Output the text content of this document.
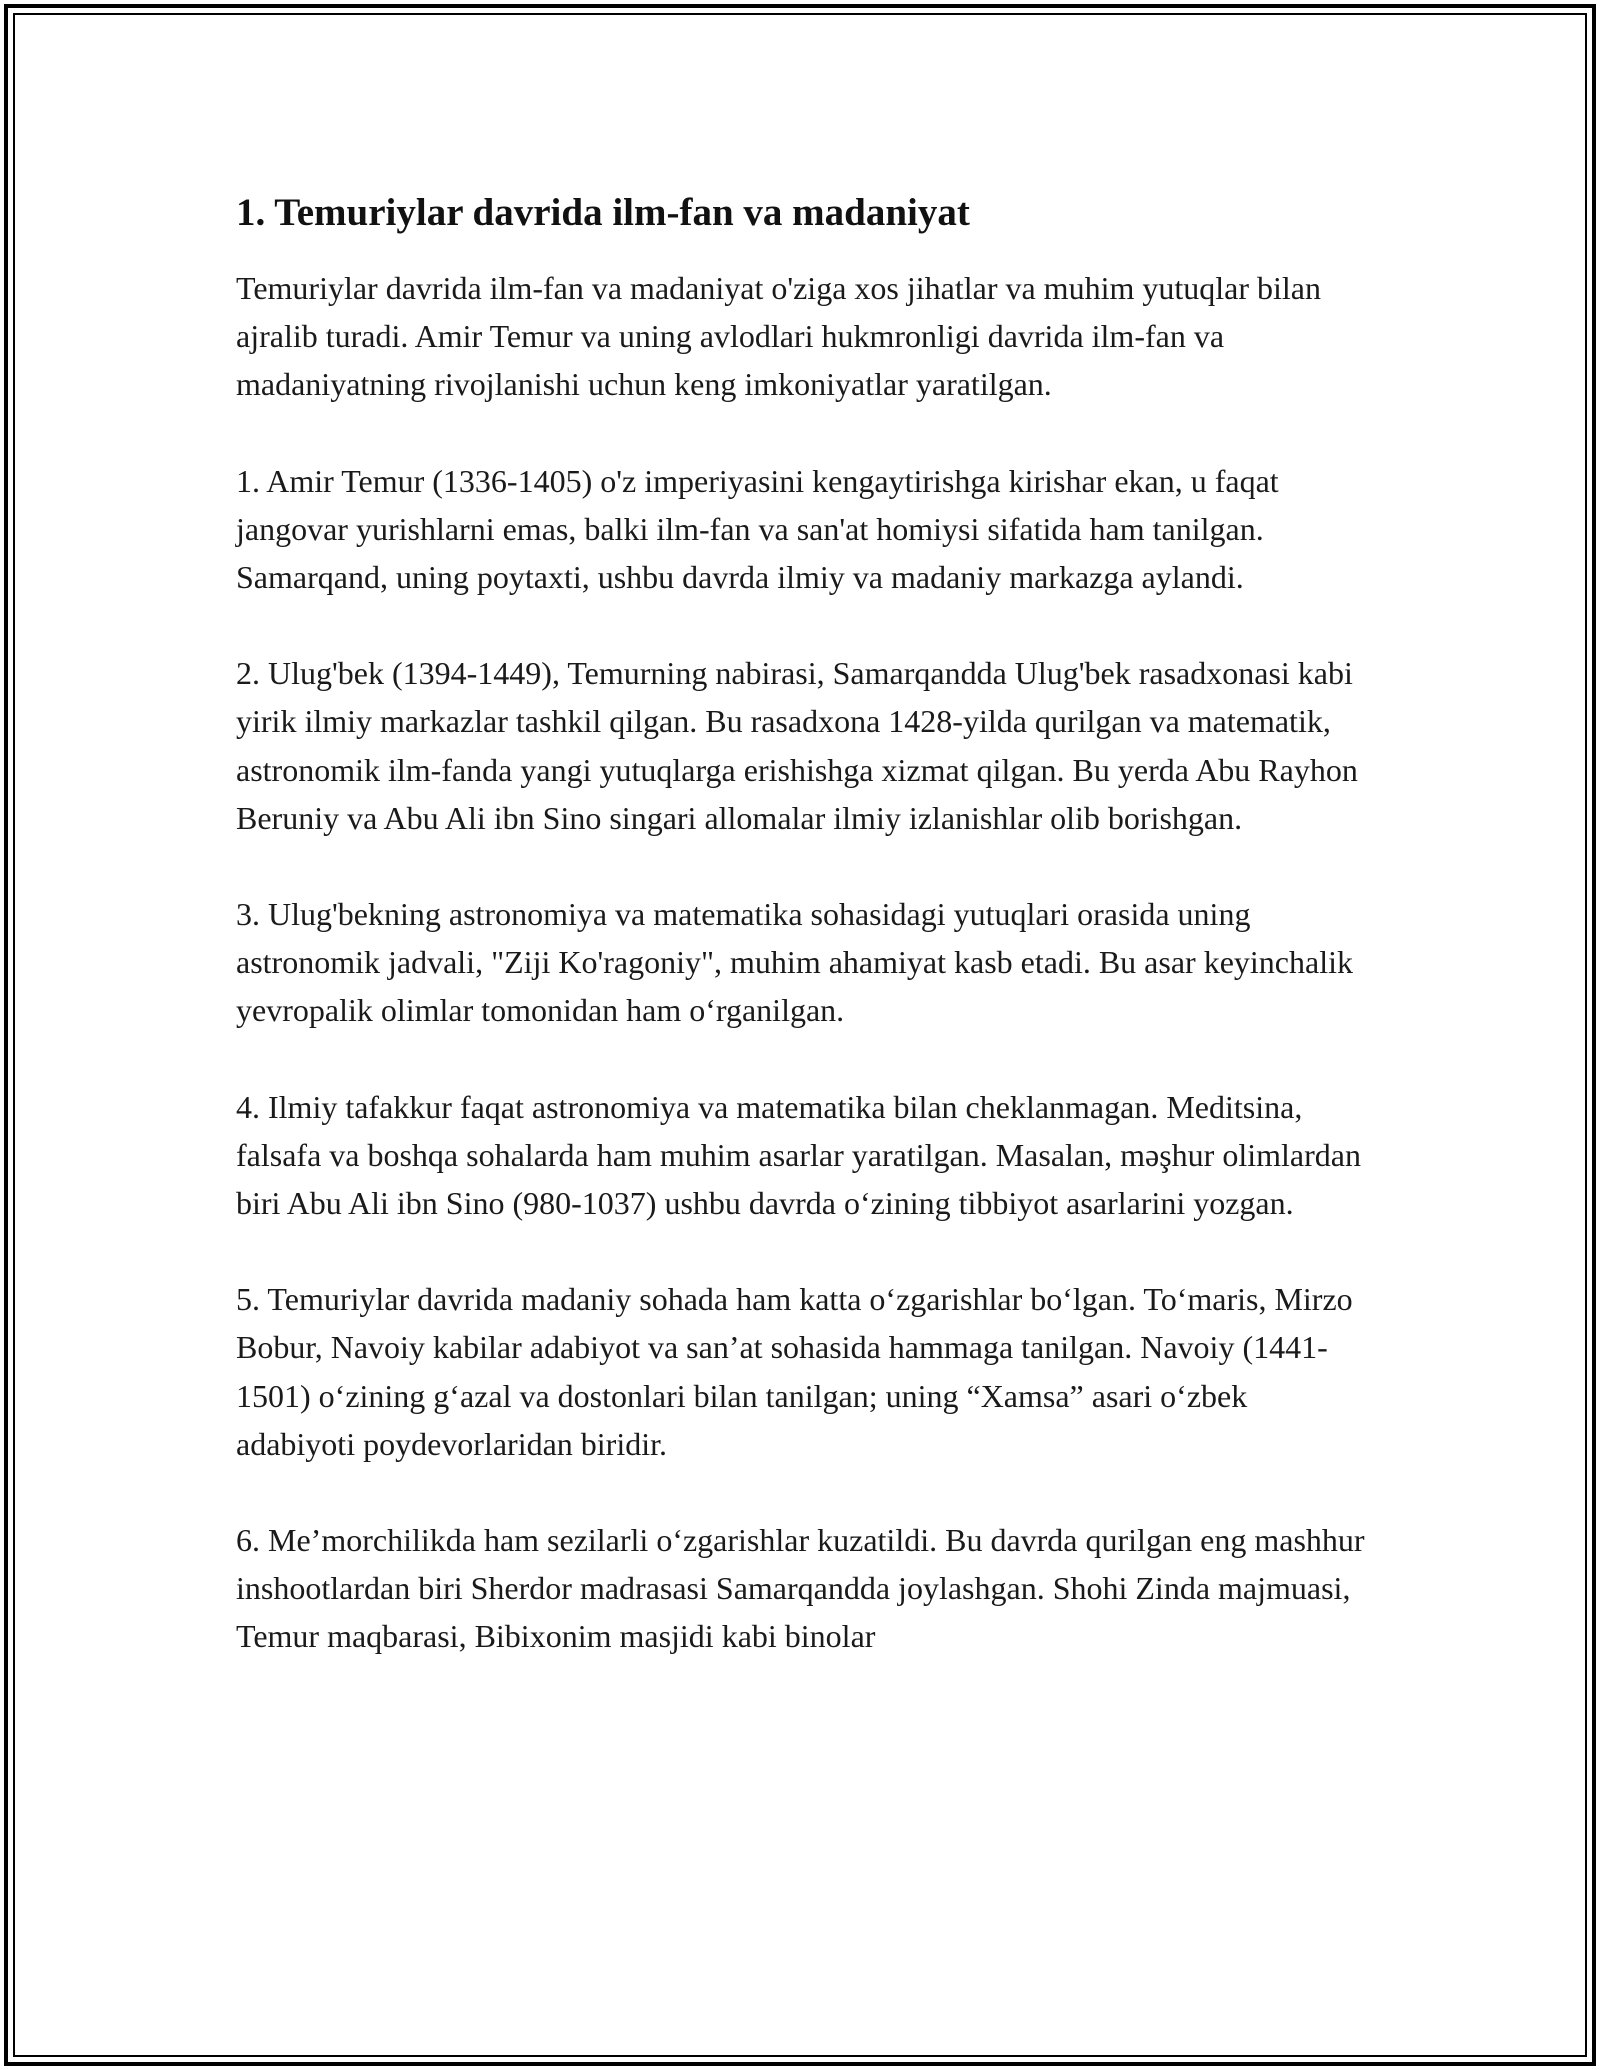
1. Temuriylar davrida ilm-fan va madaniyat

Temuriylar davrida ilm-fan va madaniyat o'ziga xos jihatlar va muhim yutuqlar bilan ajralib turadi. Amir Temur va uning avlodlari hukmronligi davrida ilm-fan va madaniyatning rivojlanishi uchun keng imkoniyatlar yaratilgan.

1. Amir Temur (1336-1405) o'z imperiyasini kengaytirishga kirishar ekan, u faqat jangovar yurishlarni emas, balki ilm-fan va san'at homiysi sifatida ham tanilgan. Samarqand, uning poytaxti, ushbu davrda ilmiy va madaniy markazga aylandi.

2. Ulug'bek (1394-1449), Temurning nabirasi, Samarqandda Ulug'bek rasadxonasi kabi yirik ilmiy markazlar tashkil qilgan. Bu rasadxona 1428-yilda qurilgan va matematik, astronomik ilm-fanda yangi yutuqlarga erishishga xizmat qilgan. Bu yerda Abu Rayhon Beruniy va Abu Ali ibn Sino singari allomalar ilmiy izlanishlar olib borishgan.

3. Ulug'bekning astronomiya va matematika sohasidagi yutuqlari orasida uning astronomik jadvali, "Ziji Ko'ragoniy", muhim ahamiyat kasb etadi. Bu asar keyinchalik yevropalik olimlar tomonidan ham o‘rganilgan.

4. Ilmiy tafakkur faqat astronomiya va matematika bilan cheklanmagan. Meditsina, falsafa va boshqa sohalarda ham muhim asarlar yaratilgan. Masalan, məşhur olimlardan biri Abu Ali ibn Sino (980-1037) ushbu davrda o‘zining tibbiyot asarlarini yozgan.

5. Temuriylar davrida madaniy sohada ham katta o‘zgarishlar bo‘lgan. To‘maris, Mirzo Bobur, Navoiy kabilar adabiyot va san’at sohasida hammaga tanilgan. Navoiy (1441-1501) o‘zining g‘azal va dostonlari bilan tanilgan; uning “Xamsa” asari o‘zbek adabiyoti poydevorlaridan biridir.

6. Me’morchilikda ham sezilarli o‘zgarishlar kuzatildi. Bu davrda qurilgan eng mashhur inshootlardan biri Sherdor madrasasi Samarqandda joylashgan. Shohi Zinda majmuasi, Temur maqbarasi, Bibixonim masjidi kabi binolar
